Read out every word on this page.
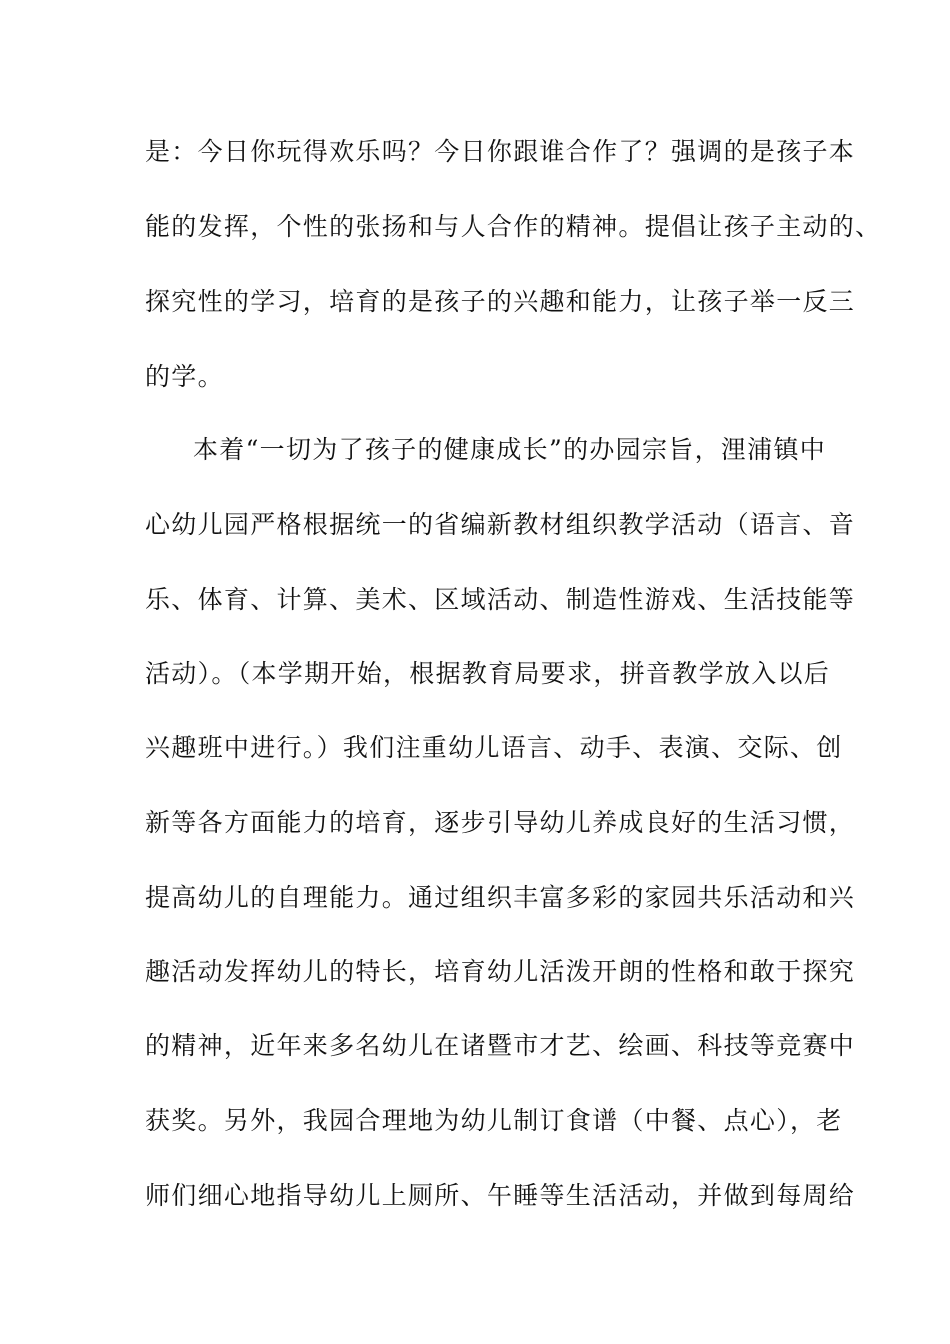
是：今日你玩得欢乐吗？今日你跟谁合作了？强调的是孩子本
能的发挥，个性的张扬和与人合作的精神。提倡让孩子主动的、
探究性的学习，培育的是孩子的兴趣和能力，让孩子举一反三
的学。
本着“一切为了孩子的健康成长”的办园宗旨，浬浦镇中
心幼儿园严格根据统一的省编新教材组织教学活动（语言、音
乐、体育、计算、美术、区域活动、制造性游戏、生活技能等
活动）。（本学期开始，根据教育局要求，拼音教学放入以后
兴趣班中进行。）我们注重幼儿语言、动手、表演、交际、创
新等各方面能力的培育，逐步引导幼儿养成良好的生活习惯，
提高幼儿的自理能力。通过组织丰富多彩的家园共乐活动和兴
趣活动发挥幼儿的特长，培育幼儿活泼开朗的性格和敢于探究
的精神，近年来多名幼儿在诸暨市才艺、绘画、科技等竞赛中
获奖。另外，我园合理地为幼儿制订食谱（中餐、点心），老
师们细心地指导幼儿上厕所、午睡等生活活动，并做到每周给
